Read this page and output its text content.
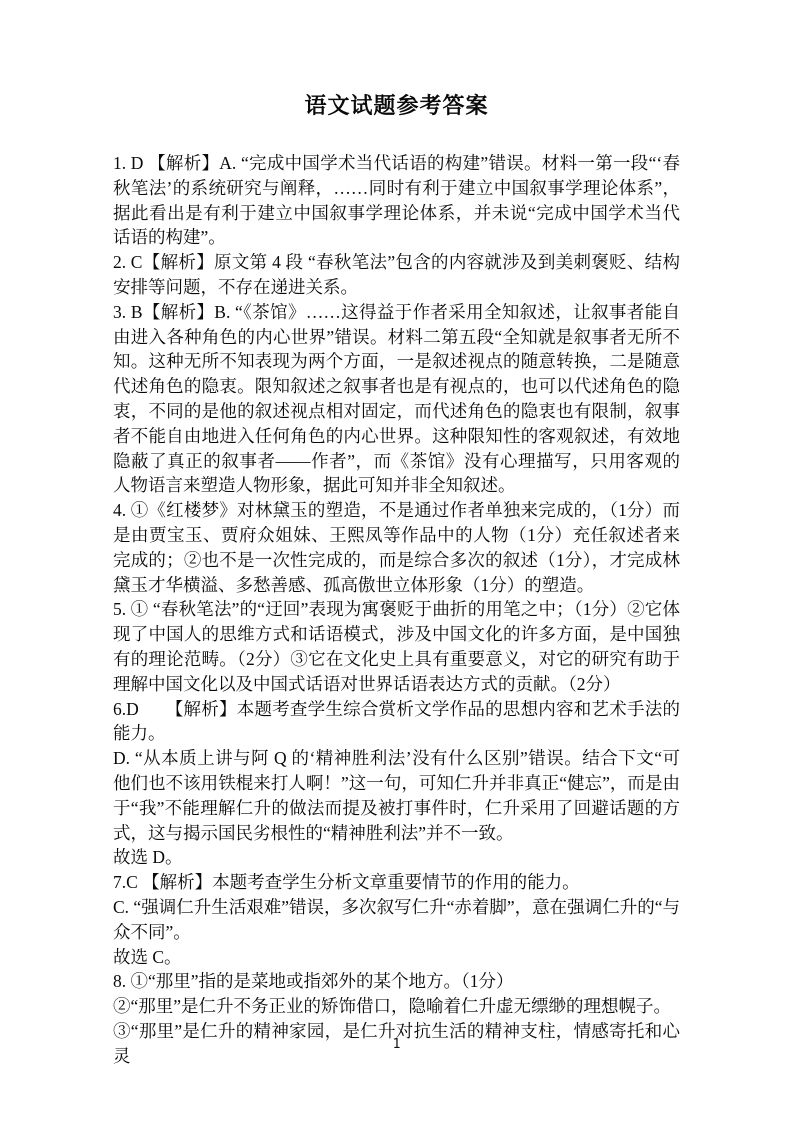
语文试题参考答案
1. D 【解析】A. “完成中国学术当代话语的构建”错误。材料一第一段“‘春秋笔法’的系统研究与阐释，……同时有利于建立中国叙事学理论体系”，据此看出是有利于建立中国叙事学理论体系，并未说“完成中国学术当代话语的构建”。
2. C【解析】原文第 4 段 “春秋笔法”包含的内容就涉及到美刺褒贬、结构安排等问题，不存在递进关系。
3. B【解析】B. “《茶馆》……这得益于作者采用全知叙述，让叙事者能自由进入各种角色的内心世界”错误。材料二第五段“全知就是叙事者无所不知。这种无所不知表现为两个方面，一是叙述视点的随意转换，二是随意代述角色的隐衷。限知叙述之叙事者也是有视点的，也可以代述角色的隐衷，不同的是他的叙述视点相对固定，而代述角色的隐衷也有限制，叙事者不能自由地进入任何角色的内心世界。这种限知性的客观叙述，有效地隐蔽了真正的叙事者——作者”，而《茶馆》没有心理描写，只用客观的人物语言来塑造人物形象，据此可知并非全知叙述。
4. ①《红楼梦》对林黛玉的塑造，不是通过作者单独来完成的，（1分）而是由贾宝玉、贾府众姐妹、王熙凤等作品中的人物（1分）充任叙述者来完成的；②也不是一次性完成的，而是综合多次的叙述（1分），才完成林黛玉才华横溢、多愁善感、孤高傲世立体形象（1分）的塑造。
5. ① “春秋笔法”的“迂回”表现为寓褒贬于曲折的用笔之中；（1分）②它体现了中国人的思维方式和话语模式，涉及中国文化的许多方面，是中国独有的理论范畴。（2分）③它在文化史上具有重要意义，对它的研究有助于理解中国文化以及中国式话语对世界话语表达方式的贡献。（2分）
6.D　　【解析】本题考查学生综合赏析文学作品的思想内容和艺术手法的能力。
D. “从本质上讲与阿 Q 的‘精神胜利法’没有什么区别”错误。结合下文“可他们也不该用铁棍来打人啊！”这一句，可知仁升并非真正“健忘”，而是由于“我”不能理解仁升的做法而提及被打事件时，仁升采用了回避话题的方式，这与揭示国民劣根性的“精神胜利法”并不一致。
故选 D。
7.C 【解析】本题考查学生分析文章重要情节的作用的能力。
C. “强调仁升生活艰难”错误，多次叙写仁升“赤着脚”，意在强调仁升的“与众不同”。
故选 C。
8. ①“那里”指的是菜地或指郊外的某个地方。（1分）
②“那里”是仁升不务正业的矫饰借口，隐喻着仁升虚无缥缈的理想幌子。
③“那里”是仁升的精神家园，是仁升对抗生活的精神支柱，情感寄托和心灵
1
